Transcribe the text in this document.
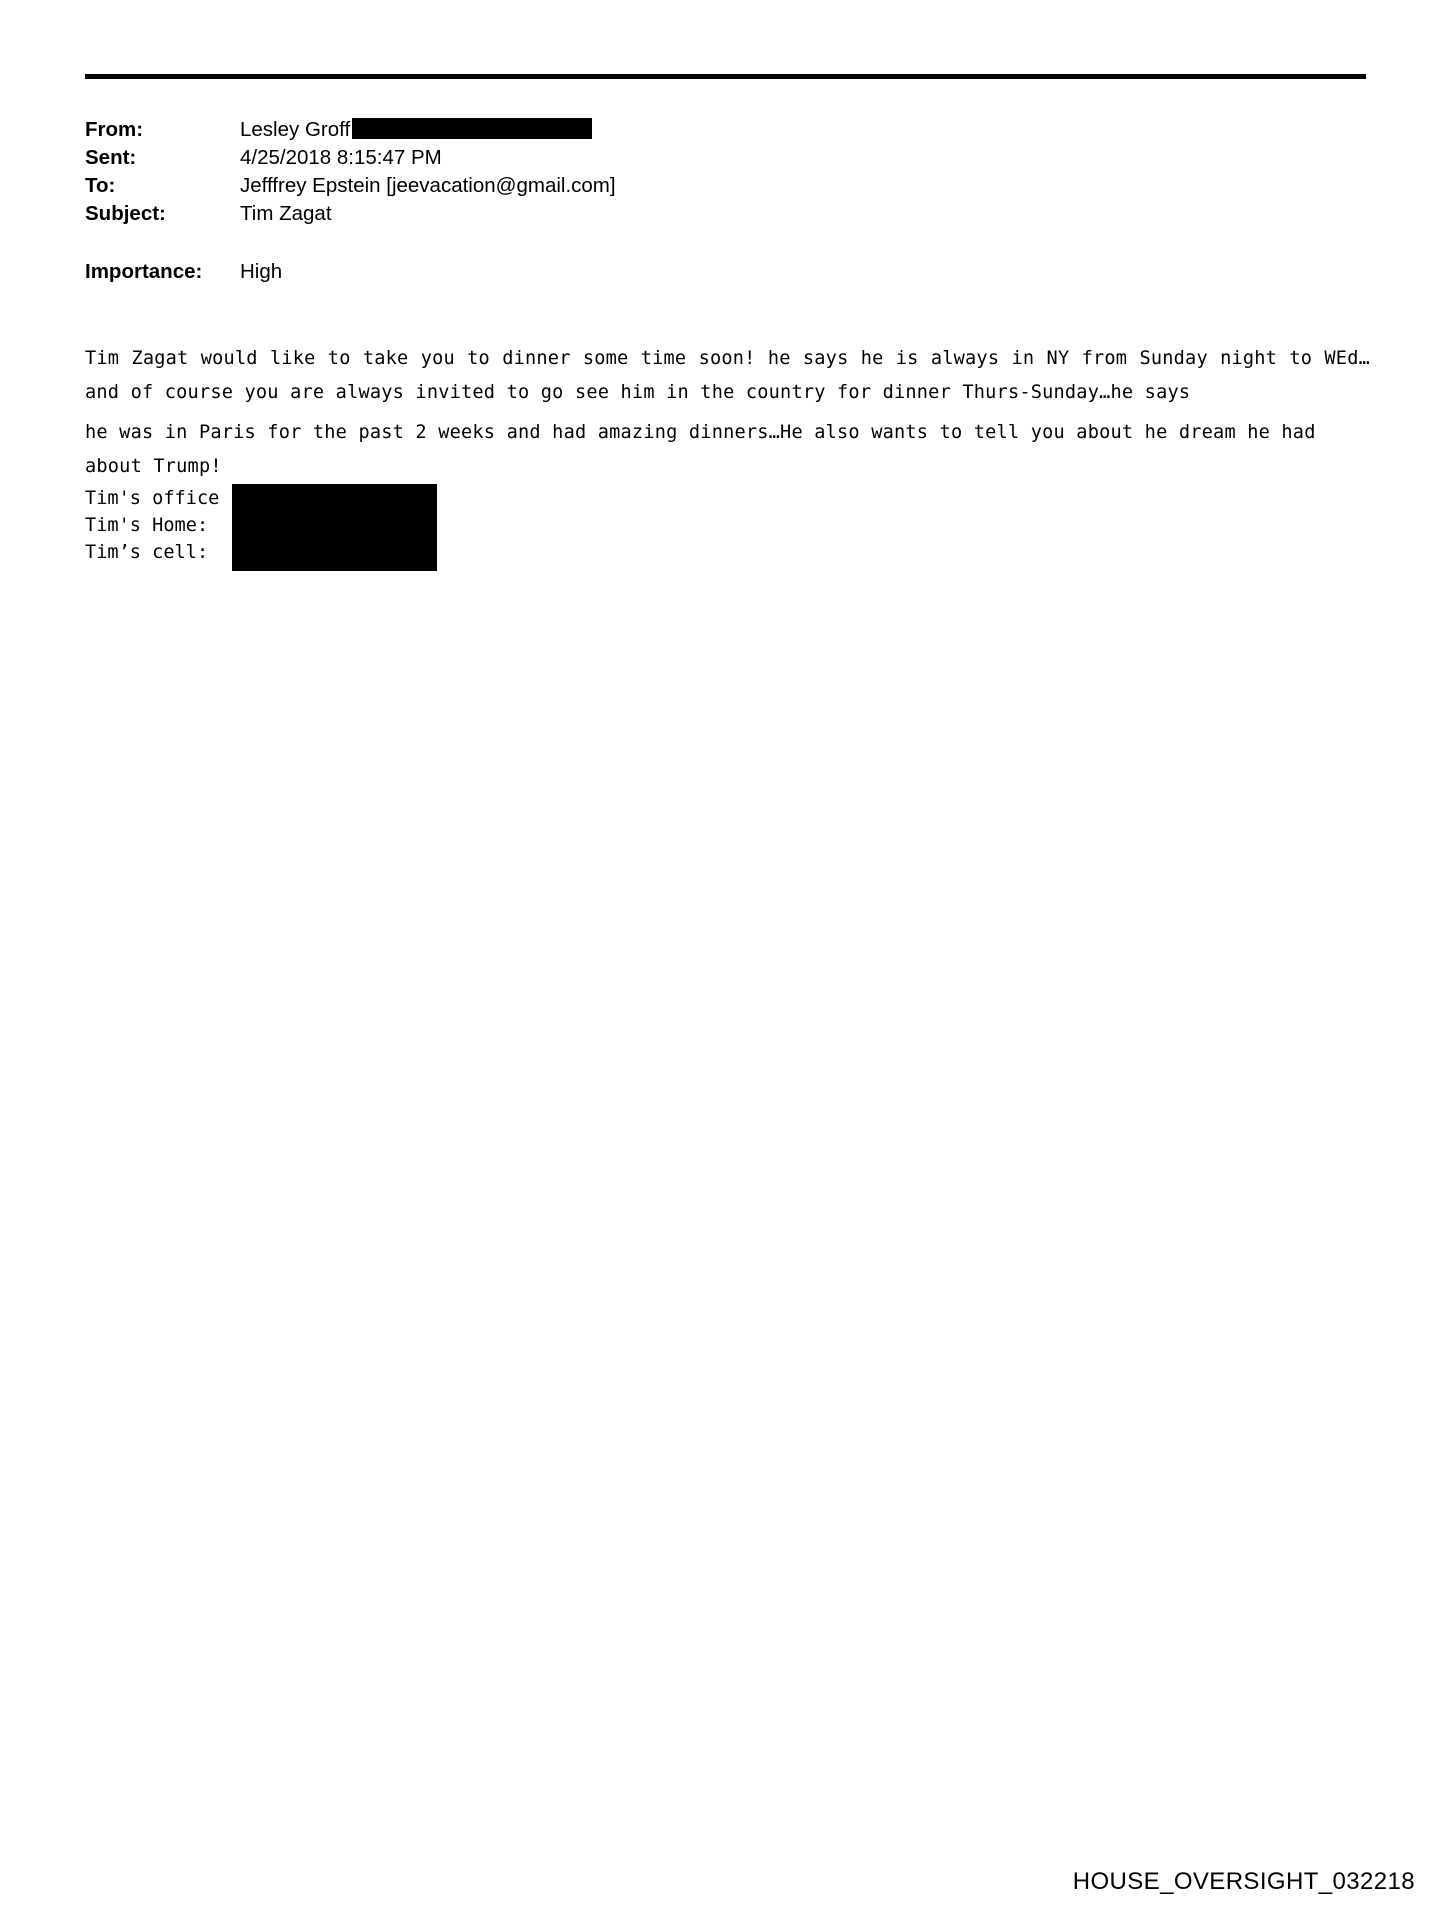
From:	Lesley Groff
Sent:	4/25/2018 8:15:47 PM
To:	Jefffrey Epstein [jeevacation@gmail.com]
Subject:	Tim Zagat
Importance:	High
Tim Zagat would like to take you to dinner some time soon! he says he is always in NY from Sunday night to WEd…and of course you are always invited to go see him in the country for dinner Thurs-Sunday…he says
he was in Paris for the past 2 weeks and had amazing dinners…He also wants to tell you about he dream he had about Trump!
Tim's office
Tim's Home:
Tim’s cell:
HOUSE_OVERSIGHT_032218
